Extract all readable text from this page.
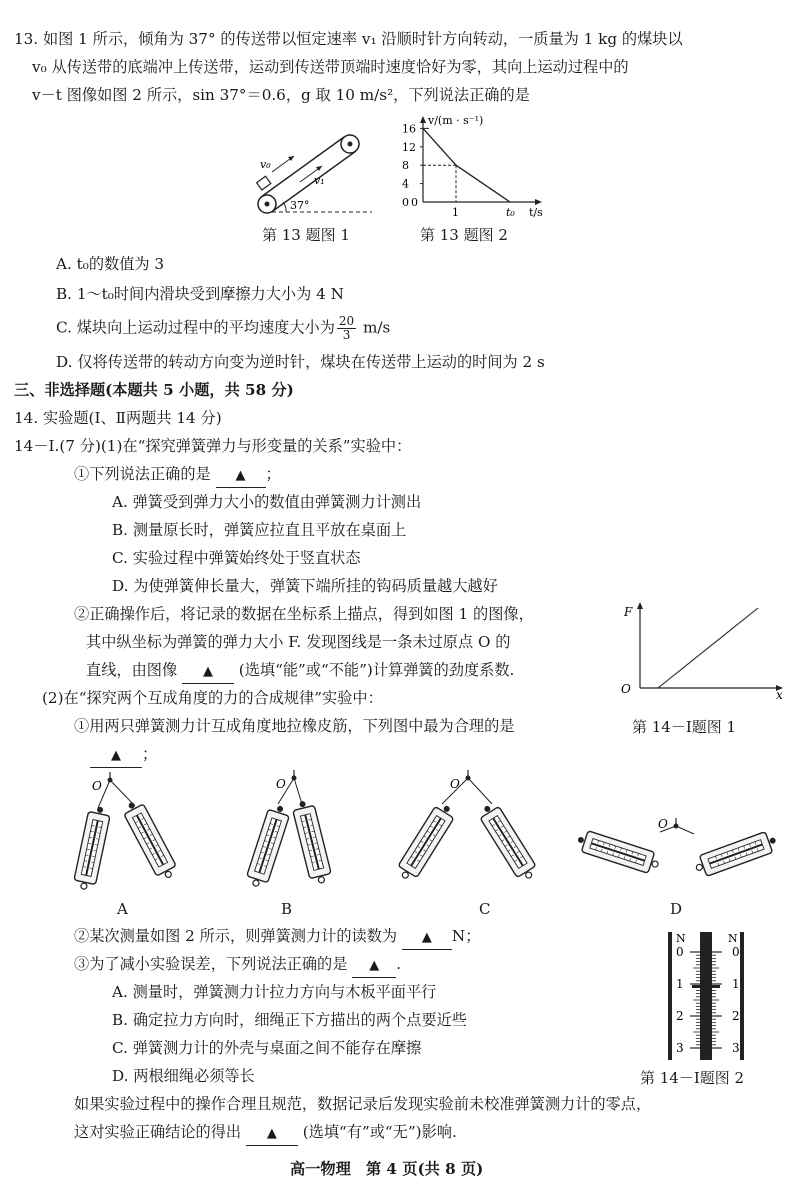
13. 如图 1 所示，倾角为 37° 的传送带以恒定速率 v₁ 沿顺时针方向转动，一质量为 1 kg 的煤块以
v₀ 从传送带的底端冲上传送带，运动到传送带顶端时速度恰好为零，其向上运动过程中的
v－t 图像如图 2 所示，sin 37°＝0.6，g 取 10 m/s²，下列说法正确的是
37°
v₀
v₁
第 13 题图 1
v/(m · s⁻¹)
t/s
0
0
4
8
12
16
1	t₀
第 13 题图 2
A. t₀的数值为 3
B. 1～t₀时间内滑块受到摩擦力大小为 4 N
C. 煤块向上运动过程中的平均速度大小为 $\frac{20}{3} m/s$
D. 仅将传送带的转动方向变为逆时针，煤块在传送带上运动的时间为 2 s
三、非选择题(本题共 5 小题，共 58 分)
14. 实验题(Ⅰ、Ⅱ两题共 14 分)
14－Ⅰ.(7 分)(1)在“探究弹簧弹力与形变量的关系”实验中：
①下列说法正确的是 ▲ ；
A. 弹簧受到弹力大小的数值由弹簧测力计测出
B. 测量原长时，弹簧应拉直且平放在桌面上
C. 实验过程中弹簧始终处于竖直状态
D. 为使弹簧伸长量大，弹簧下端所挂的钩码质量越大越好
②正确操作后，将记录的数据在坐标系上描点，得到如图 1 的图像，
其中纵坐标为弹簧的弹力大小 F. 发现图线是一条未过原点 O 的
直线，由图像 ▲ (选填“能”或“不能”)计算弹簧的劲度系数.
O
F
x
第 14－Ⅰ题图 1
(2)在“探究两个互成角度的力的合成规律”实验中：
①用两只弹簧测力计互成角度地拉橡皮筋，下列图中最为合理的是
▲ ；
O	O	O
O
A	B	C	D
②某次测量如图 2 所示，则弹簧测力计的读数为 ▲ N；
③为了减小实验误差，下列说法正确的是 ▲ .
A. 测量时，弹簧测力计拉力方向与木板平面平行
B. 确定拉力方向时，细绳正下方描出的两个点要近些
C. 弹簧测力计的外壳与桌面之间不能存在摩擦
D. 两根细绳必须等长
0	0
1	1
2	2
3	3
N	N
第 14－Ⅰ题图 2
如果实验过程中的操作合理且规范，数据记录后发现实验前未校准弹簧测力计的零点，
这对实验正确结论的得出 ▲ (选填“有”或“无”)影响.
高一物理　 第 4 页(共 8 页)
